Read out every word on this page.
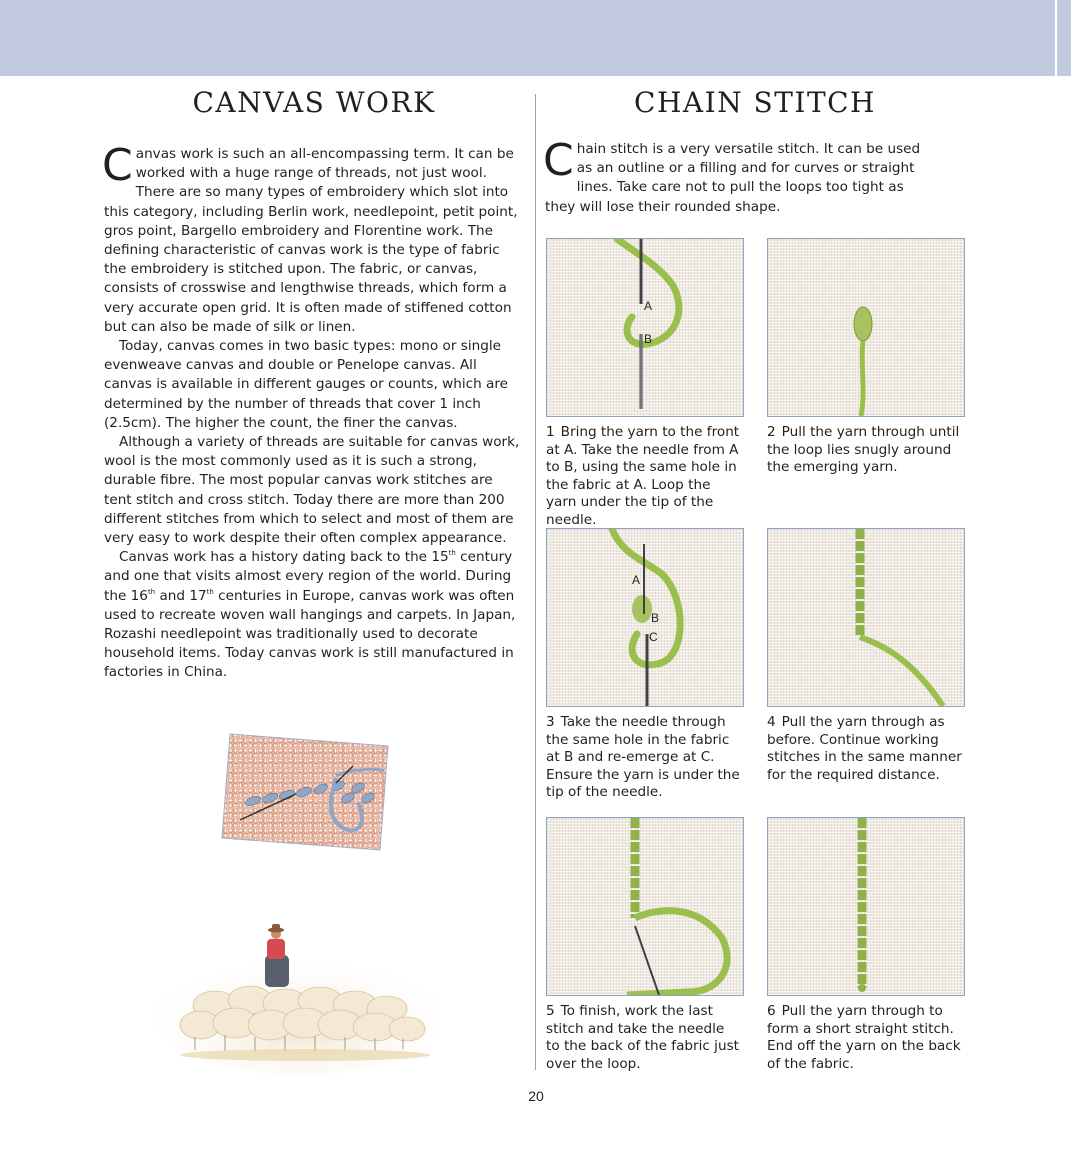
CANVAS WORK

Canvas work is such an all-encompassing term. It can be worked with a huge range of threads, not just wool. There are so many types of embroidery which slot into this category, including Berlin work, needlepoint, petit point, gros point, Bargello embroidery and Florentine work. The defining characteristic of canvas work is the type of fabric the embroidery is stitched upon. The fabric, or canvas, consists of crosswise and lengthwise threads, which form a very accurate open grid. It is often made of stiffened cotton but can also be made of silk or linen.

Today, canvas comes in two basic types: mono or single evenweave canvas and double or Penelope canvas. All canvas is available in different gauges or counts, which are determined by the number of threads that cover 1 inch (2.5cm). The higher the count, the finer the canvas.

Although a variety of threads are suitable for canvas work, wool is the most commonly used as it is such a strong, durable fibre. The most popular canvas work stitches are tent stitch and cross stitch. Today there are more than 200 different stitches from which to select and most of them are very easy to work despite their often complex appearance.

Canvas work has a history dating back to the 15th century and one that visits almost every region of the world. During the 16th and 17th centuries in Europe, canvas work was often used to recreate woven wall hangings and carpets. In Japan, Rozashi needlepoint was traditionally used to decorate household items. Today canvas work is still manufactured in factories in China.

CHAIN STITCH

Chain stitch is a very versatile stitch. It can be used as an outline or a filling and for curves or straight lines. Take care not to pull the loops too tight as they will lose their rounded shape.

A
B
1 Bring the yarn to the front at A. Take the needle from A to B, using the same hole in the fabric at A. Loop the yarn under the tip of the needle.
2 Pull the yarn through until the loop lies snugly around the emerging yarn.
A
B
C
3 Take the needle through the same hole in the fabric at B and re-emerge at C. Ensure the yarn is under the tip of the needle.
4 Pull the yarn through as before. Continue working stitches in the same manner for the required distance.
5 To finish, work the last stitch and take the needle to the back of the fabric just over the loop.
6 Pull the yarn through to form a short straight stitch. End off the yarn on the back of the fabric.
20
